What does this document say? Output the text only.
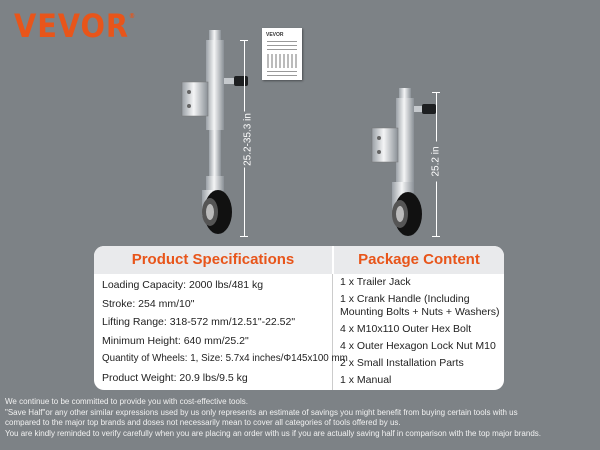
VEVOR®
VEVOR
25.2-35.3 in	25.2 in
Product Specifications	Package Content
Loading Capacity: 2000 lbs/481 kg
Stroke: 254 mm/10"
Lifting Range: 318-572 mm/12.51"-22.52"
Minimum Height: 640 mm/25.2"
Quantity of Wheels: 1, Size: 5.7x4 inches/Φ145x100 mm
Product Weight: 20.9 lbs/9.5 kg
1 x Trailer Jack
1 x Crank Handle (Including Mounting Bolts + Nuts + Washers)
4 x M10x110 Outer Hex Bolt
4 x Outer Hexagon Lock Nut M10
2 x Small Installation Parts
1 x Manual
We continue to be committed to provide you with cost-effective tools.
"Save Half"or any other similar expressions used by us only represents an estimate of savings you might benefit from buying certain tools with us
compared to the major top brands and doses not necessarily mean to cover all categories of tools offered by us.
You are kindly reminded to verify carefully when you are placing an order with us if you are actually saving half in comparison with the top major brands.
